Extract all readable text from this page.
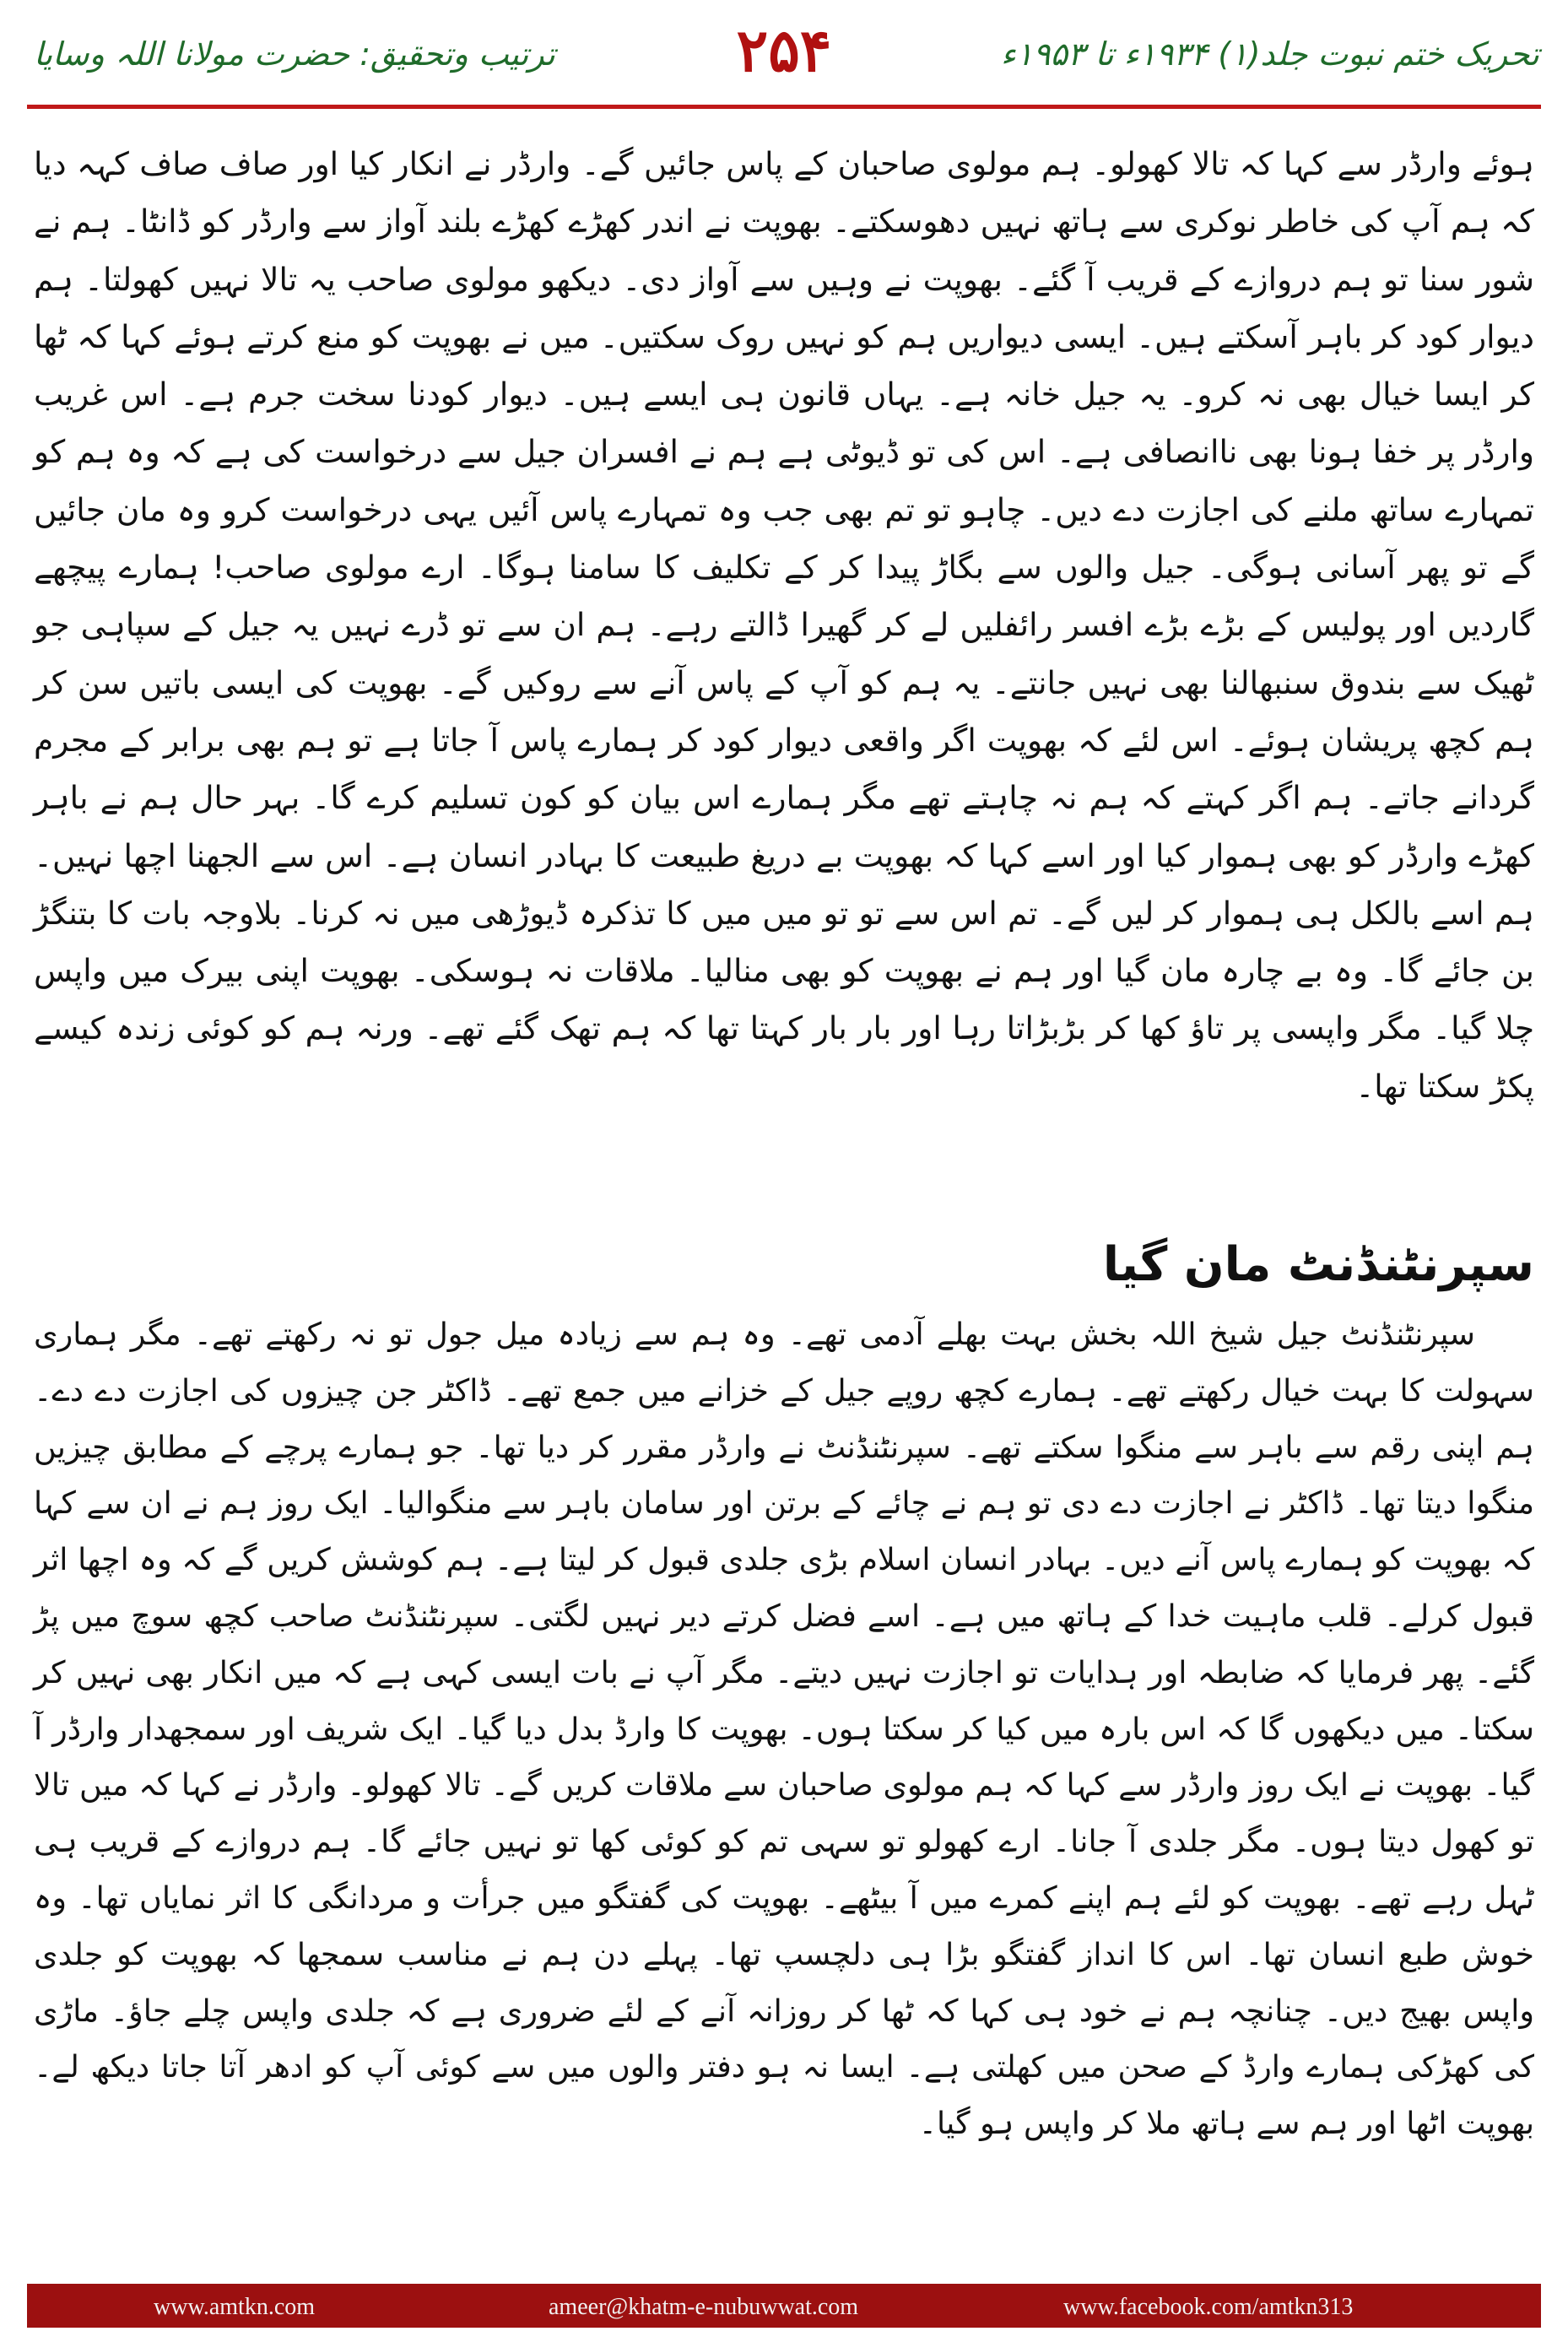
تحریک ختم نبوت جلد(۱) ۱۹۳۴ء تا ۱۹۵۳ء
۲۵۴
ترتیب وتحقیق: حضرت مولانا اللہ وسایا

ہوئے وارڈر سے کہا کہ تالا کھولو۔ ہم مولوی صاحبان کے پاس جائیں گے۔ وارڈر نے انکار کیا اور صاف صاف کہہ دیا کہ ہم آپ کی خاطر نوکری سے ہاتھ نہیں دھوسکتے۔ بھوپت نے اندر کھڑے کھڑے بلند آواز سے وارڈر کو ڈانٹا۔ ہم نے شور سنا تو ہم دروازے کے قریب آ گئے۔ بھوپت نے وہیں سے آواز دی۔ دیکھو مولوی صاحب یہ تالا نہیں کھولتا۔ ہم دیوار کود کر باہر آسکتے ہیں۔ ایسی دیواریں ہم کو نہیں روک سکتیں۔ میں نے بھوپت کو منع کرتے ہوئے کہا کہ ٹھا کر ایسا خیال بھی نہ کرو۔ یہ جیل خانہ ہے۔ یہاں قانون ہی ایسے ہیں۔ دیوار کودنا سخت جرم ہے۔ اس غریب وارڈر پر خفا ہونا بھی ناانصافی ہے۔ اس کی تو ڈیوٹی ہے ہم نے افسران جیل سے درخواست کی ہے کہ وہ ہم کو تمہارے ساتھ ملنے کی اجازت دے دیں۔ چاہو تو تم بھی جب وہ تمہارے پاس آئیں یہی درخواست کرو وہ مان جائیں گے تو پھر آسانی ہوگی۔ جیل والوں سے بگاڑ پیدا کر کے تکلیف کا سامنا ہوگا۔ ارے مولوی صاحب! ہمارے پیچھے گاردیں اور پولیس کے بڑے بڑے افسر رائفلیں لے کر گھیرا ڈالتے رہے۔ ہم ان سے تو ڈرے نہیں یہ جیل کے سپاہی جو ٹھیک سے بندوق سنبھالنا بھی نہیں جانتے۔ یہ ہم کو آپ کے پاس آنے سے روکیں گے۔ بھوپت کی ایسی باتیں سن کر ہم کچھ پریشان ہوئے۔ اس لئے کہ بھوپت اگر واقعی دیوار کود کر ہمارے پاس آ جاتا ہے تو ہم بھی برابر کے مجرم گردانے جاتے۔ ہم اگر کہتے کہ ہم نہ چاہتے تھے مگر ہمارے اس بیان کو کون تسلیم کرے گا۔ بہر حال ہم نے باہر کھڑے وارڈر کو بھی ہموار کیا اور اسے کہا کہ بھوپت بے دریغ طبیعت کا بہادر انسان ہے۔ اس سے الجھنا اچھا نہیں۔ ہم اسے بالکل ہی ہموار کر لیں گے۔ تم اس سے تو تو میں میں کا تذکرہ ڈیوڑھی میں نہ کرنا۔ بلاوجہ بات کا بتنگڑ بن جائے گا۔ وہ بے چارہ مان گیا اور ہم نے بھوپت کو بھی منالیا۔ ملاقات نہ ہوسکی۔ بھوپت اپنی بیرک میں واپس چلا گیا۔ مگر واپسی پر تاؤ کھا کر بڑبڑاتا رہا اور بار بار کہتا تھا کہ ہم تھک گئے تھے۔ ورنہ ہم کو کوئی زندہ کیسے پکڑ سکتا تھا۔

سپرنٹنڈنٹ مان گیا

سپرنٹنڈنٹ جیل شیخ اللہ بخش بہت بھلے آدمی تھے۔ وہ ہم سے زیادہ میل جول تو نہ رکھتے تھے۔ مگر ہماری سہولت کا بہت خیال رکھتے تھے۔ ہمارے کچھ روپے جیل کے خزانے میں جمع تھے۔ ڈاکٹر جن چیزوں کی اجازت دے دے۔ ہم اپنی رقم سے باہر سے منگوا سکتے تھے۔ سپرنٹنڈنٹ نے وارڈر مقرر کر دیا تھا۔ جو ہمارے پرچے کے مطابق چیزیں منگوا دیتا تھا۔ ڈاکٹر نے اجازت دے دی تو ہم نے چائے کے برتن اور سامان باہر سے منگوالیا۔ ایک روز ہم نے ان سے کہا کہ بھوپت کو ہمارے پاس آنے دیں۔ بہادر انسان اسلام بڑی جلدی قبول کر لیتا ہے۔ ہم کوشش کریں گے کہ وہ اچھا اثر قبول کرلے۔ قلب ماہیت خدا کے ہاتھ میں ہے۔ اسے فضل کرتے دیر نہیں لگتی۔ سپرنٹنڈنٹ صاحب کچھ سوچ میں پڑ گئے۔ پھر فرمایا کہ ضابطہ اور ہدایات تو اجازت نہیں دیتے۔ مگر آپ نے بات ایسی کہی ہے کہ میں انکار بھی نہیں کر سکتا۔ میں دیکھوں گا کہ اس بارہ میں کیا کر سکتا ہوں۔ بھوپت کا وارڈ بدل دیا گیا۔ ایک شریف اور سمجھدار وارڈر آ گیا۔ بھوپت نے ایک روز وارڈر سے کہا کہ ہم مولوی صاحبان سے ملاقات کریں گے۔ تالا کھولو۔ وارڈر نے کہا کہ میں تالا تو کھول دیتا ہوں۔ مگر جلدی آ جانا۔ ارے کھولو تو سہی تم کو کوئی کھا تو نہیں جائے گا۔ ہم دروازے کے قریب ہی ٹہل رہے تھے۔ بھوپت کو لئے ہم اپنے کمرے میں آ بیٹھے۔ بھوپت کی گفتگو میں جرأت و مردانگی کا اثر نمایاں تھا۔ وہ خوش طبع انسان تھا۔ اس کا انداز گفتگو بڑا ہی دلچسپ تھا۔ پہلے دن ہم نے مناسب سمجھا کہ بھوپت کو جلدی واپس بھیج دیں۔ چنانچہ ہم نے خود ہی کہا کہ ٹھا کر روزانہ آنے کے لئے ضروری ہے کہ جلدی واپس چلے جاؤ۔ ماڑی کی کھڑکی ہمارے وارڈ کے صحن میں کھلتی ہے۔ ایسا نہ ہو دفتر والوں میں سے کوئی آپ کو ادھر آتا جاتا دیکھ لے۔ بھوپت اٹھا اور ہم سے ہاتھ ملا کر واپس ہو گیا۔

www.amtkn.com	ameer@khatm-e-nubuwwat.com	www.facebook.com/amtkn313
